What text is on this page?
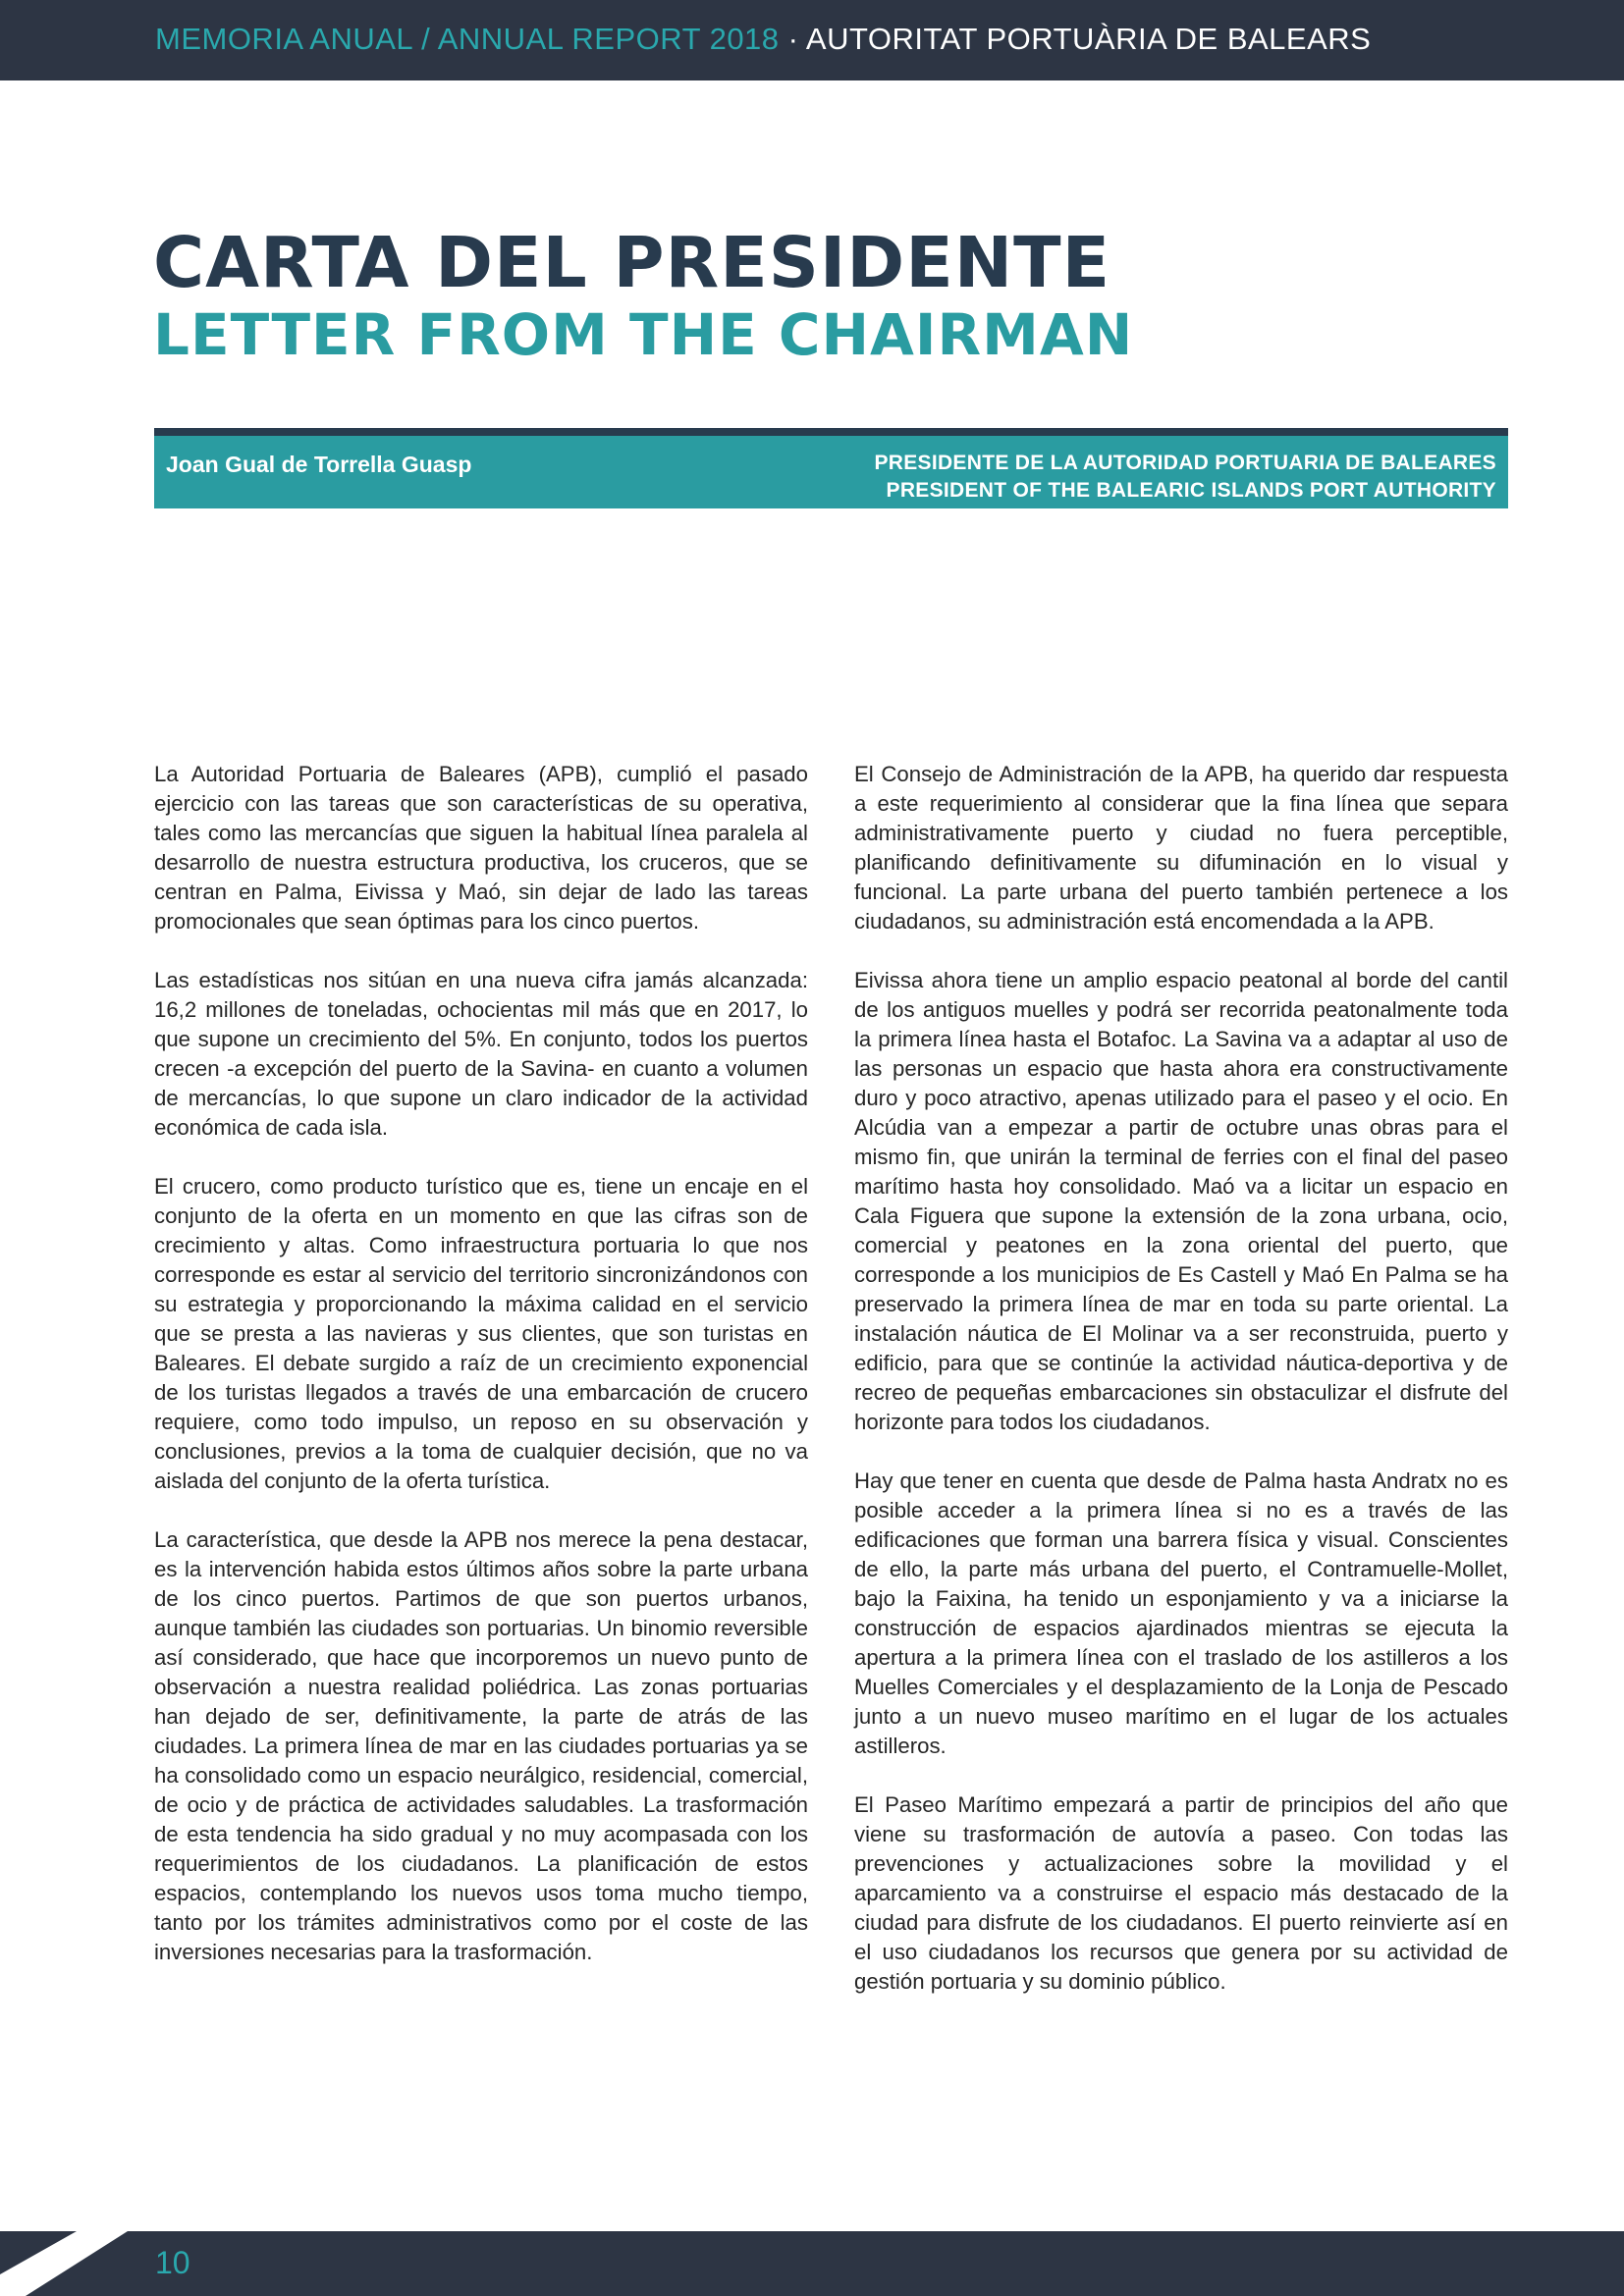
MEMORIA ANUAL / ANNUAL REPORT 2018 · AUTORITAT PORTUÀRIA DE BALEARS
CARTA DEL PRESIDENTE
LETTER FROM THE CHAIRMAN
Joan Gual de Torrella Guasp	PRESIDENTE DE LA AUTORIDAD PORTUARIA DE BALEARES
PRESIDENT OF THE BALEARIC ISLANDS PORT AUTHORITY

La Autoridad Portuaria de Baleares (APB), cumplió el pasado ejercicio con las tareas que son características de su operativa, tales como las mercancías que siguen la habitual línea paralela al desarrollo de nuestra estructura productiva, los cruceros, que se centran en Palma, Eivissa y Maó, sin dejar de lado las tareas promocionales que sean óptimas para los cinco puertos.

Las estadísticas nos sitúan en una nueva cifra jamás alcanzada: 16,2 millones de toneladas, ochocientas mil más que en 2017, lo que supone un crecimiento del 5%. En conjunto, todos los puertos crecen -a excepción del puerto de la Savina- en cuanto a volumen de mercancías, lo que supone un claro indicador de la actividad económica de cada isla.

El crucero, como producto turístico que es, tiene un encaje en el conjunto de la oferta en un momento en que las cifras son de crecimiento y altas. Como infraestructura portuaria lo que nos corresponde es estar al servicio del territorio sincronizándonos con su estrategia y proporcionando la máxima calidad en el servicio que se presta a las navieras y sus clientes, que son turistas en Baleares. El debate surgido a raíz de un crecimiento exponencial de los turistas llegados a través de una embarcación de crucero requiere, como todo impulso, un reposo en su observación y conclusiones, previos a la toma de cualquier decisión, que no va aislada del conjunto de la oferta turística.

La característica, que desde la APB nos merece la pena destacar, es la intervención habida estos últimos años sobre la parte urbana de los cinco puertos. Partimos de que son puertos urbanos, aunque también las ciudades son portuarias. Un binomio reversible así considerado, que hace que incorporemos un nuevo punto de observación a nuestra realidad poliédrica. Las zonas portuarias han dejado de ser, definitivamente, la parte de atrás de las ciudades. La primera línea de mar en las ciudades portuarias ya se ha consolidado como un espacio neurálgico, residencial, comercial, de ocio y de práctica de actividades saludables. La trasformación de esta tendencia ha sido gradual y no muy acompasada con los requerimientos de los ciudadanos. La planificación de estos espacios, contemplando los nuevos usos toma mucho tiempo, tanto por los trámites administrativos como por el coste de las inversiones necesarias para la trasformación.

El Consejo de Administración de la APB, ha querido dar respuesta a este requerimiento al considerar que la fina línea que separa administrativamente puerto y ciudad no fuera perceptible, planificando definitivamente su difuminación en lo visual y funcional. La parte urbana del puerto también pertenece a los ciudadanos, su administración está encomendada a la APB.

Eivissa ahora tiene un amplio espacio peatonal al borde del cantil de los antiguos muelles y podrá ser recorrida peatonalmente toda la primera línea hasta el Botafoc. La Savina va a adaptar al uso de las personas un espacio que hasta ahora era constructivamente duro y poco atractivo, apenas utilizado para el paseo y el ocio. En Alcúdia van a empezar a partir de octubre unas obras para el mismo fin, que unirán la terminal de ferries con el final del paseo marítimo hasta hoy consolidado. Maó va a licitar un espacio en Cala Figuera que supone la extensión de la zona urbana, ocio, comercial y peatones en la zona oriental del puerto, que corresponde a los municipios de Es Castell y Maó En Palma se ha preservado la primera línea de mar en toda su parte oriental. La instalación náutica de El Molinar va a ser reconstruida, puerto y edificio, para que se continúe la actividad náutica-deportiva y de recreo de pequeñas embarcaciones sin obstaculizar el disfrute del horizonte para todos los ciudadanos.

Hay que tener en cuenta que desde de Palma hasta Andratx no es posible acceder a la primera línea si no es a través de las edificaciones que forman una barrera física y visual. Conscientes de ello, la parte más urbana del puerto, el Contramuelle-Mollet, bajo la Faixina, ha tenido un esponjamiento y va a iniciarse la construcción de espacios ajardinados mientras se ejecuta la apertura a la primera línea con el traslado de los astilleros a los Muelles Comerciales y el desplazamiento de la Lonja de Pescado junto a un nuevo museo marítimo en el lugar de los actuales astilleros.

El Paseo Marítimo empezará a partir de principios del año que viene su trasformación de autovía a paseo. Con todas las prevenciones y actualizaciones sobre la movilidad y el aparcamiento va a construirse el espacio más destacado de la ciudad para disfrute de los ciudadanos. El puerto reinvierte así en el uso ciudadanos los recursos que genera por su actividad de gestión portuaria y su dominio público.

10
